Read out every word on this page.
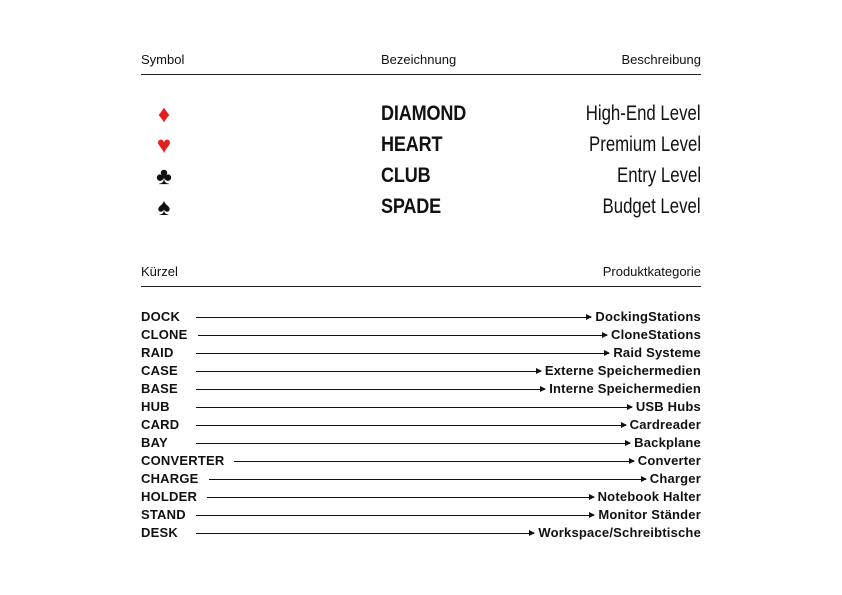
Symbol	Bezeichnung	Beschreibung
♦	DIAMOND	High-End Level
♥	HEART	Premium Level
♣	CLUB	Entry Level
♠	SPADE	Budget Level
Kürzel	Produktkategorie
DOCK	DockingStations
CLONE	CloneStations
RAID	Raid Systeme
CASE	Externe Speichermedien
BASE	Interne Speichermedien
HUB	USB Hubs
CARD	Cardreader
BAY	Backplane
CONVERTER	Converter
CHARGE	Charger
HOLDER	Notebook Halter
STAND	Monitor Ständer
DESK	Workspace/Schreibtische
